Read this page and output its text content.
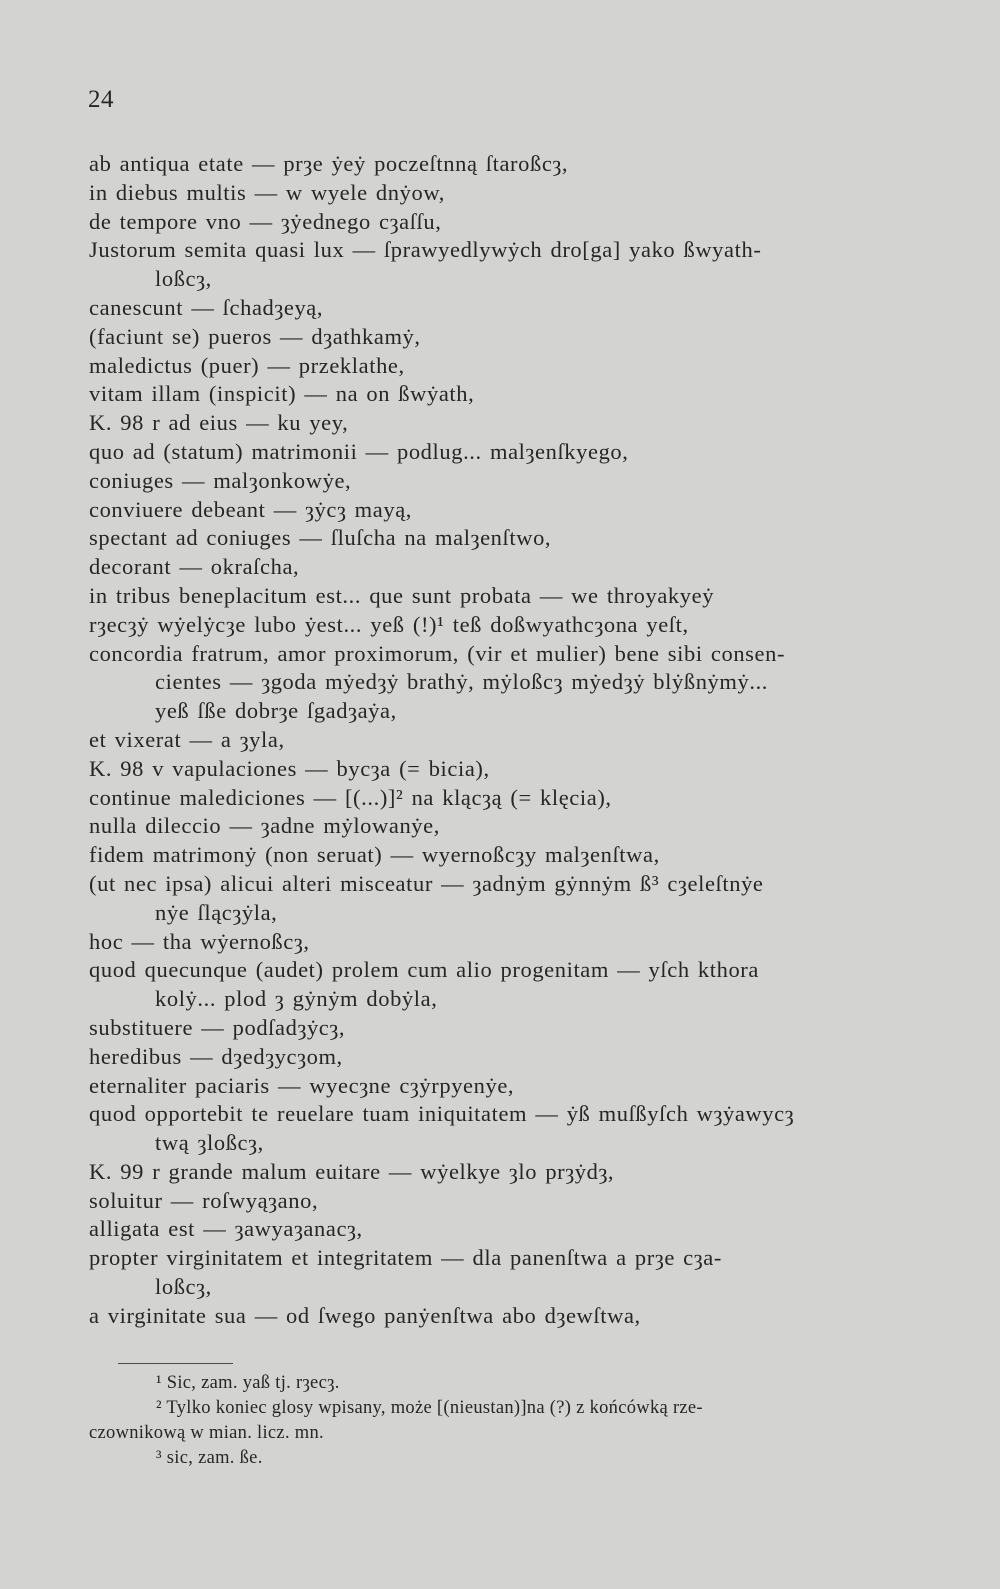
24
ab antiqua etate — prȝe ẏeẏ poczeſtnną ſtaroßcȝ,
in diebus multis — w wyele dnẏow,
de tempore vno — ȝẏednego cȝaſſu,
Justorum semita quasi lux — ſprawyedlywẏch dro[ga] yako ßwyath-
loßcȝ,
canescunt — ſchadȝeyą,
(faciunt se) pueros — dȝathkamẏ,
maledictus (puer) — przeklathe,
vitam illam (inspicit) — na on ßwẏath,
K. 98 r ad eius — ku yey,
quo ad (statum) matrimonii — podlug... malȝenſkyego,
coniuges — malȝonkowẏe,
conviuere debeant — ȝẏcȝ mayą,
spectant ad coniuges — ſluſcha na malȝenſtwo,
decorant — okraſcha,
in tribus beneplacitum est... que sunt probata — we throyakyeẏ
rȝecȝẏ wẏelẏcȝe lubo ẏest... yeß (!)¹ teß doßwyathcȝona yeſt,
concordia fratrum, amor proximorum, (vir et mulier) bene sibi consen-
cientes — ȝgoda mẏedȝẏ brathẏ, mẏloßcȝ mẏedȝẏ blẏßnẏmẏ...
yeß ſße dobrȝe ſgadȝaẏa,
et vixerat — a ȝyla,
K. 98 v vapulaciones — bycȝa (= bicia),
continue malediciones — [(...)]² na klącȝą (= klęcia),
nulla dileccio — ȝadne mẏlowanẏe,
fidem matrimonẏ (non seruat) — wyernoßcȝy malȝenſtwa,
(ut nec ipsa) alicui alteri misceatur — ȝadnẏm gẏnnẏm ß³ cȝeleſtnẏe
nẏe ſlącȝẏla,
hoc — tha wẏernoßcȝ,
quod quecunque (audet) prolem cum alio progenitam — yſch kthora
kolẏ... plod ȝ gẏnẏm dobẏla,
substituere — podſadȝẏcȝ,
heredibus — dȝedȝycȝom,
eternaliter paciaris — wyecȝne cȝẏrpyenẏe,
quod opportebit te reuelare tuam iniquitatem — ẏß muſßyſch wȝẏawycȝ
twą ȝloßcȝ,
K. 99 r grande malum euitare — wẏelkye ȝlo prȝẏdȝ,
soluitur — roſwyąȝano,
alligata est — ȝawyaȝanacȝ,
propter virginitatem et integritatem — dla panenſtwa a prȝe cȝa-
loßcȝ,
a virginitate sua — od ſwego panẏenſtwa abo dȝewſtwa,
¹ Sic, zam. yaß tj. rȝecȝ.
² Tylko koniec glosy wpisany, może [(nieustan)]na (?) z końcówką rze-
czownikową w mian. licz. mn.
³ sic, zam. ße.
